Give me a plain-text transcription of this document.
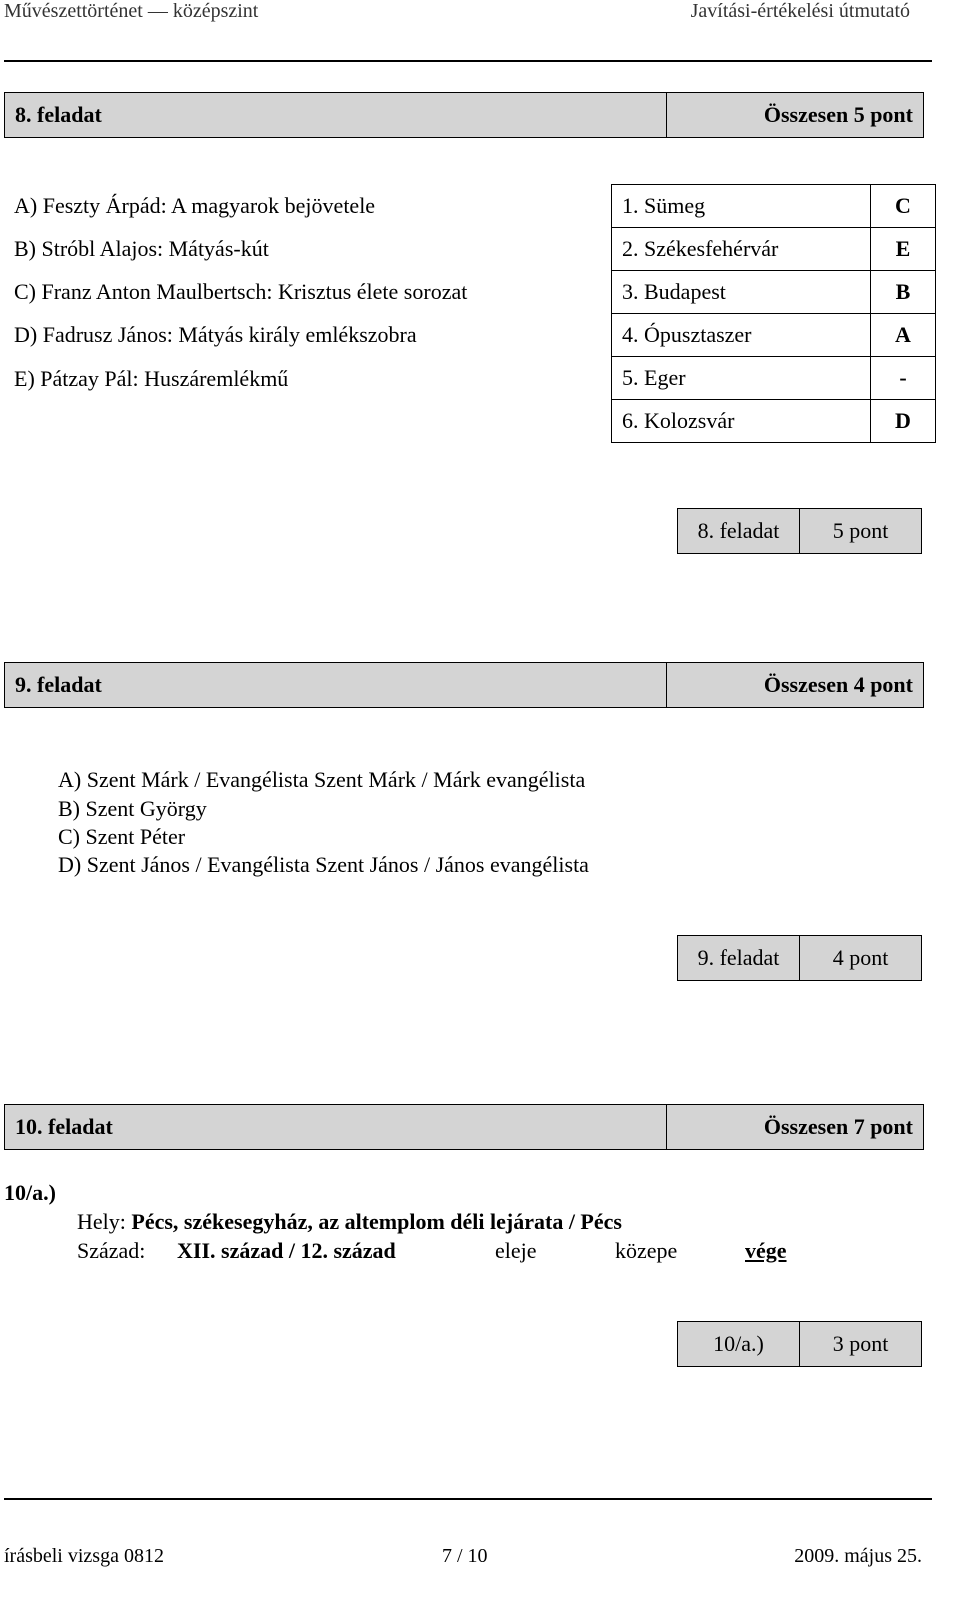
Művészettörténet — középszint	Javítási-értékelési útmutató
8. feladat	Összesen 5 pont
A) Feszty Árpád: A magyarok bejövetele
B) Stróbl Alajos: Mátyás-kút
C) Franz Anton Maulbertsch: Krisztus élete sorozat
D) Fadrusz János: Mátyás király emlékszobra
E) Pátzay Pál: Huszáremlékmű
1. Sümeg	C
2. Székesfehérvár	E
3. Budapest	B
4. Ópusztaszer	A
5. Eger	-
6. Kolozsvár	D
8. feladat	5 pont
9. feladat	Összesen 4 pont
A) Szent Márk / Evangélista Szent Márk / Márk evangélista
B) Szent György
C) Szent Péter
D) Szent János / Evangélista Szent János / János evangélista
9. feladat	4 pont
10. feladat	Összesen 7 pont
10/a.)
Hely: Pécs, székesegyház, az altemplom déli lejárata / Pécs
Század: XII. század / 12. század	eleje	közepe	vége
10/a.)	3 pont
írásbeli vizsga 0812	7 / 10	2009. május 25.
